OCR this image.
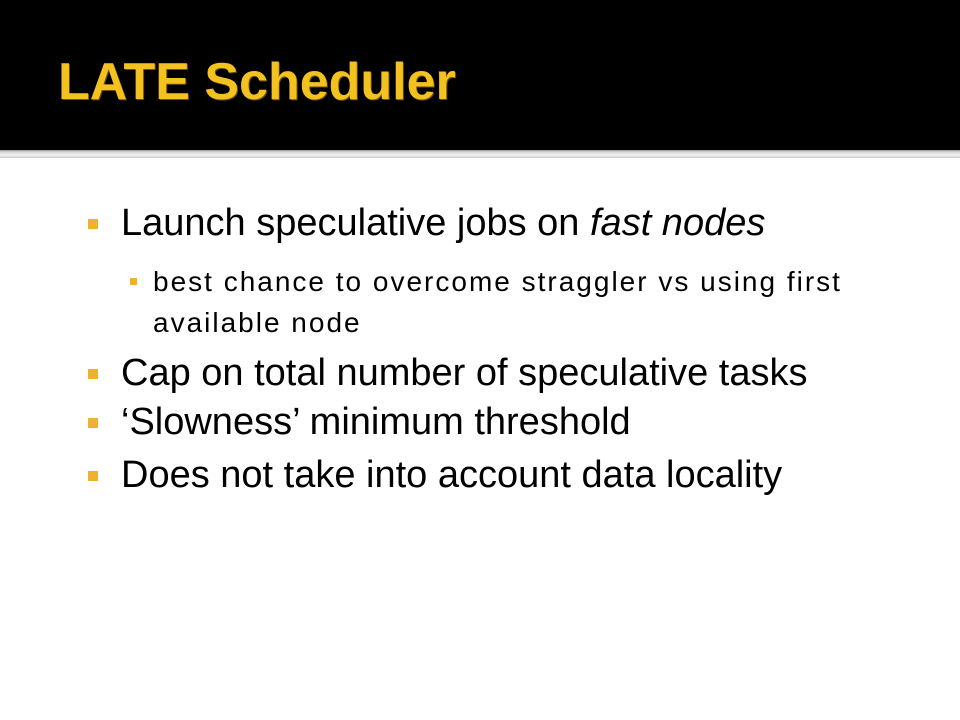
LATE Scheduler
Launch speculative jobs on fast nodes
best chance to overcome straggler vs using first available node
Cap on total number of speculative tasks
‘Slowness’ minimum threshold
Does not take into account data locality
